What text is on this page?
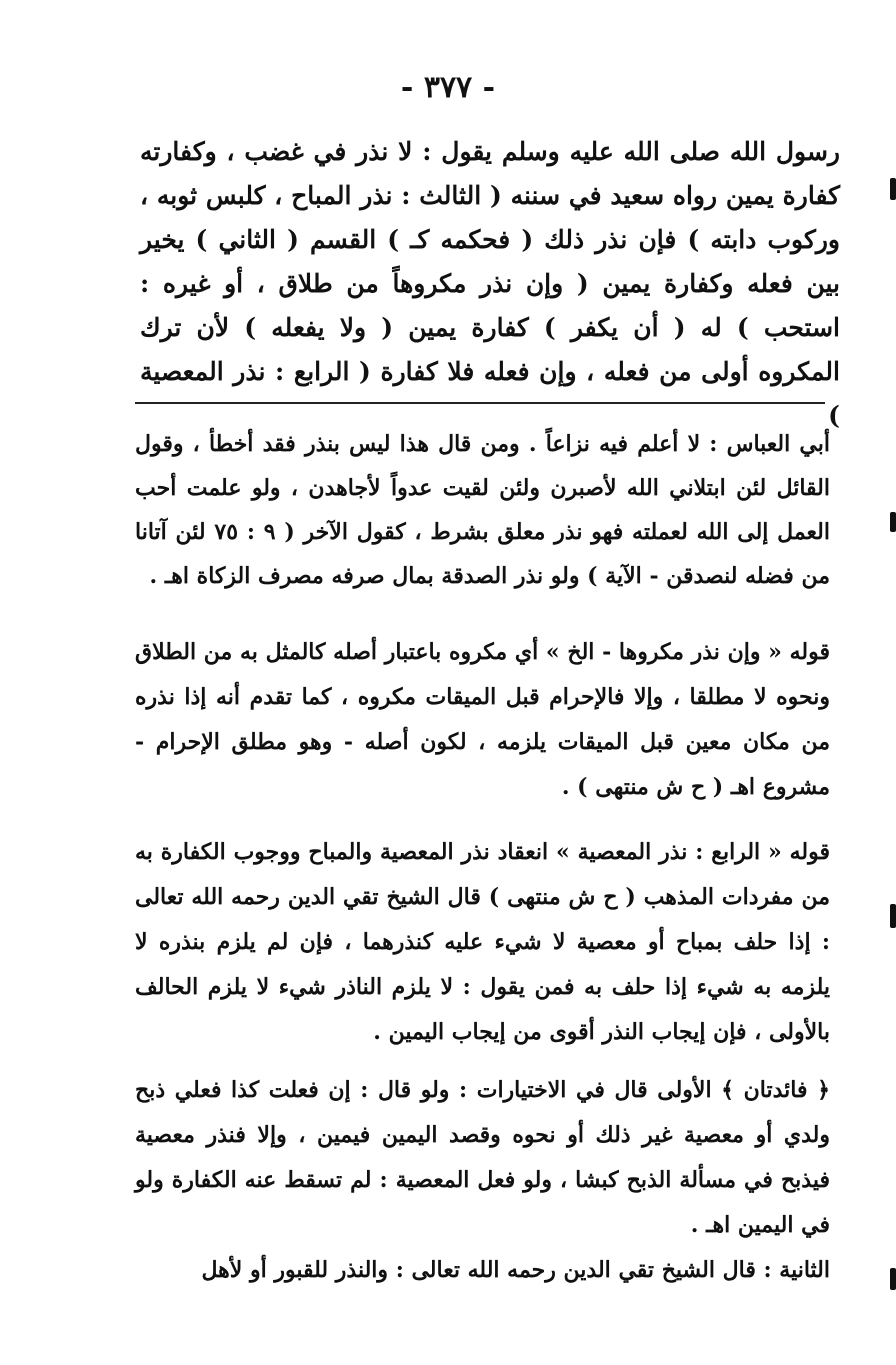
- ٣٧٧ -

رسول الله صلى الله عليه وسلم يقول : لا نذر في غضب ، وكفارته كفارة يمين رواه سعيد في سننه ( الثالث : نذر المباح ، كلبس ثوبه ، وركوب دابته ) فإن نذر ذلك ( فحكمه كـ ) القسم ( الثاني ) يخير بين فعله وكفارة يمين ( وإن نذر مكروهاً من طلاق ، أو غيره : استحب ) له ( أن يكفر ) كفارة يمين ( ولا يفعله ) لأن ترك المكروه أولى من فعله ، وإن فعله فلا كفارة ( الرابع : نذر المعصية )

أبي العباس : لا أعلم فيه نزاعاً . ومن قال هذا ليس بنذر فقد أخطأ ، وقول القائل لئن ابتلاني الله لأصبرن ولئن لقيت عدواً لأجاهدن ، ولو علمت أحب العمل إلى الله لعملته فهو نذر معلق بشرط ، كقول الآخر ( ٩ : ٧٥ لئن آتانا من فضله لنصدقن - الآية ) ولو نذر الصدقة بمال صرفه مصرف الزكاة اهـ .

قوله « وإن نذر مكروها - الخ » أي مكروه باعتبار أصله كالمثل به من الطلاق ونحوه لا مطلقا ، وإلا فالإحرام قبل الميقات مكروه ، كما تقدم أنه إذا نذره من مكان معين قبل الميقات يلزمه ، لكون أصله - وهو مطلق الإحرام - مشروع اهـ ( ح ش منتهى ) .

قوله « الرابع : نذر المعصية » انعقاد نذر المعصية والمباح ووجوب الكفارة به من مفردات المذهب ( ح ش منتهى ) قال الشيخ تقي الدين رحمه الله تعالى : إذا حلف بمباح أو معصية لا شيء عليه كنذرهما ، فإن لم يلزم بنذره لا يلزمه به شيء إذا حلف به فمن يقول : لا يلزم الناذر شيء لا يلزم الحالف بالأولى ، فإن إيجاب النذر أقوى من إيجاب اليمين .

﴿ فائدتان ﴾ الأولى قال في الاختيارات : ولو قال : إن فعلت كذا فعلي ذبح ولدي أو معصية غير ذلك أو نحوه وقصد اليمين فيمين ، وإلا فنذر معصية فيذبح في مسألة الذبح كبشا ، ولو فعل المعصية : لم تسقط عنه الكفارة ولو في اليمين اهـ .

الثانية : قال الشيخ تقي الدين رحمه الله تعالى : والنذر للقبور أو لأهل
